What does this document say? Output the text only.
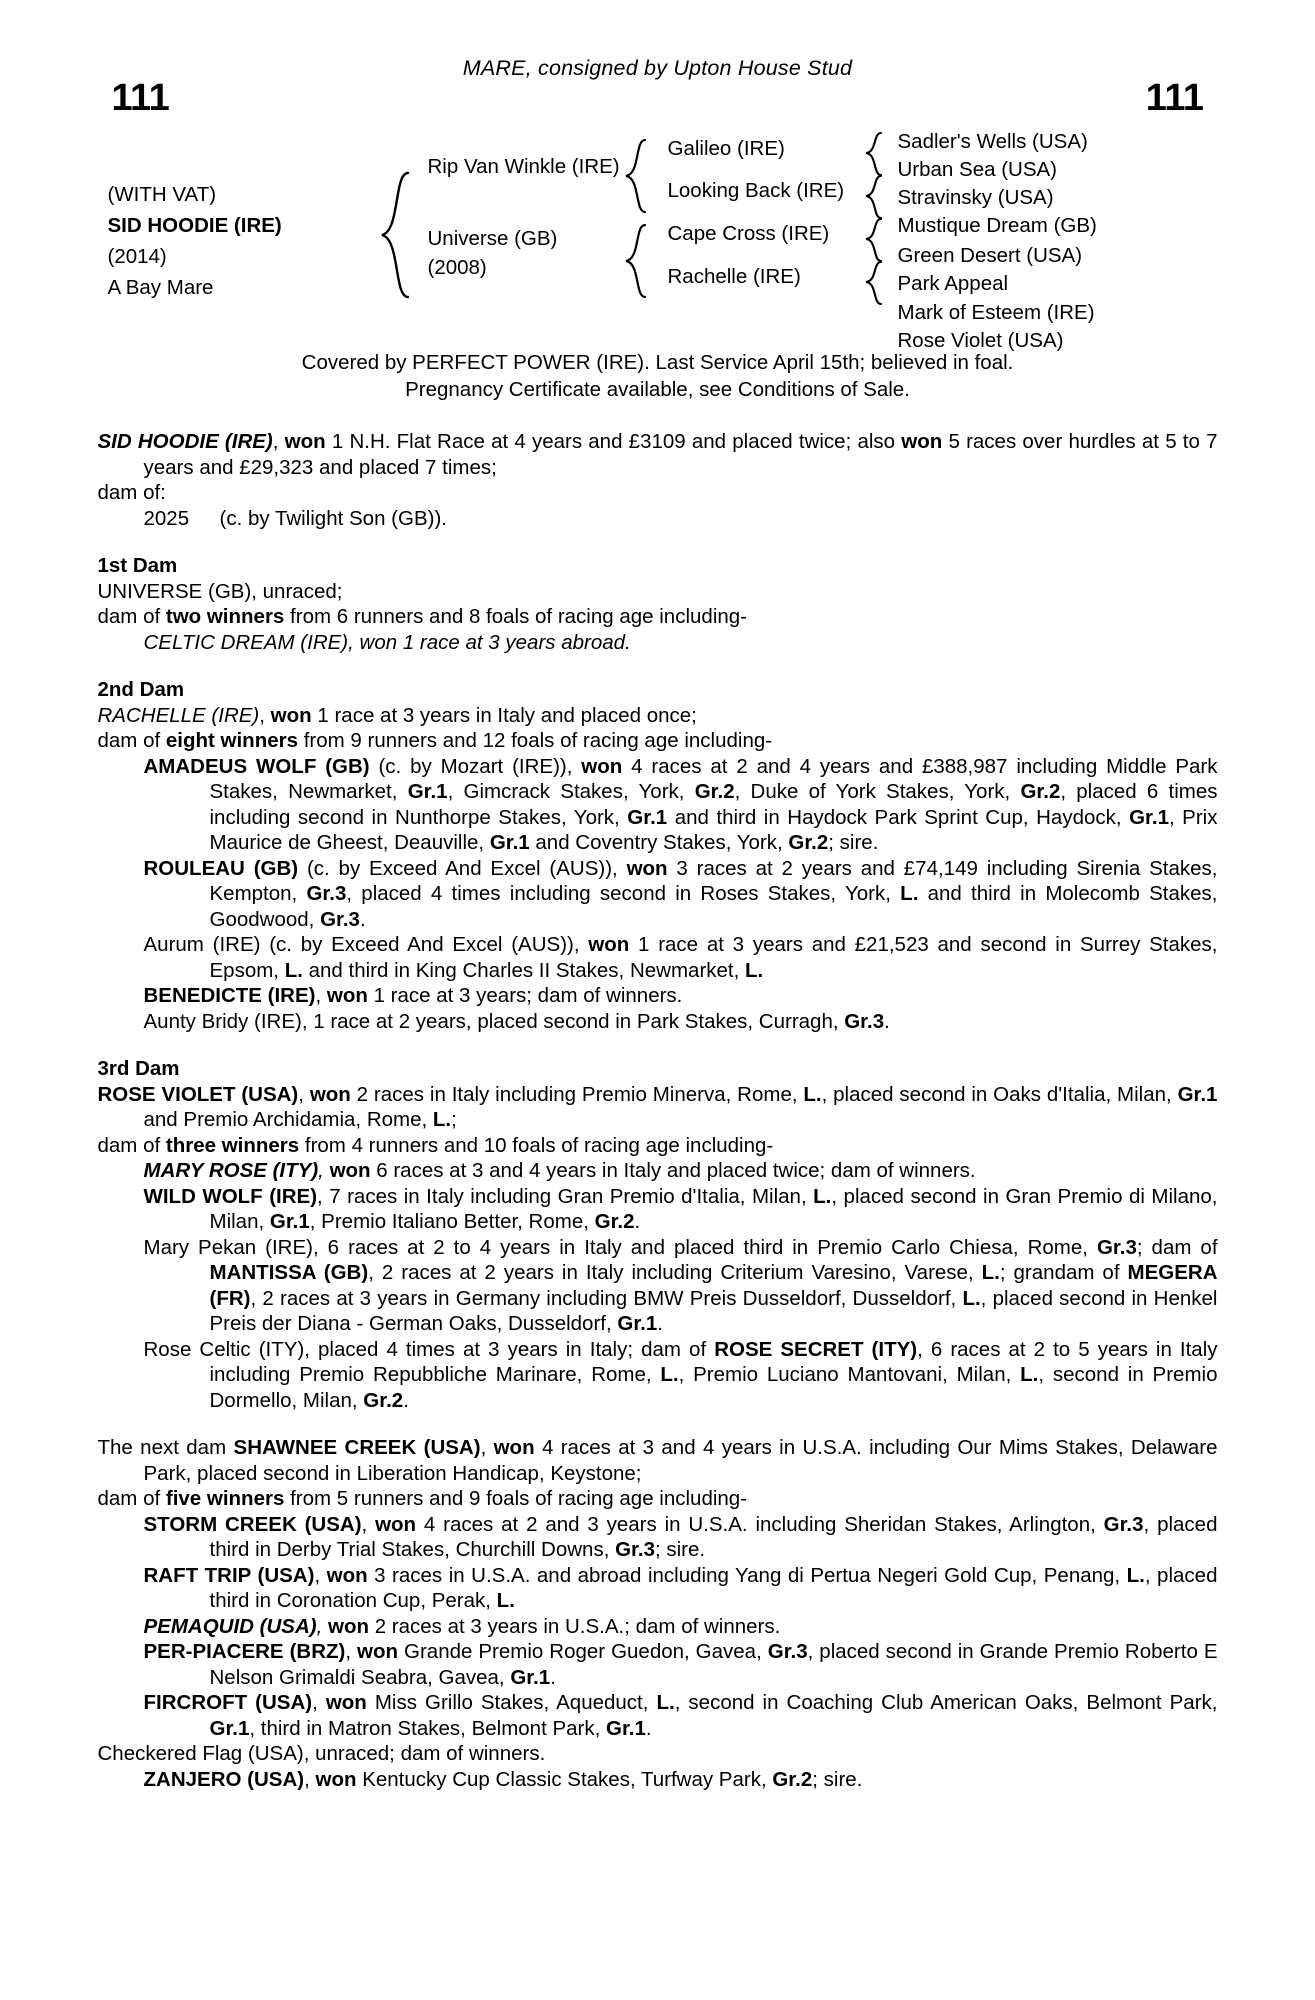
MARE, consigned by Upton House Stud
111	111
(WITH VAT)
SID HOODIE (IRE)
(2014)
A Bay Mare
Rip Van Winkle (IRE)
Universe (GB)
(2008)
Galileo (IRE)
Looking Back (IRE)
Cape Cross (IRE)
Rachelle (IRE)
Sadler's Wells (USA)
Urban Sea (USA)
Stravinsky (USA)
Mustique Dream (GB)
Green Desert (USA)
Park Appeal
Mark of Esteem (IRE)
Rose Violet (USA)
Covered by PERFECT POWER (IRE). Last Service April 15th; believed in foal.
Pregnancy Certificate available, see Conditions of Sale.
SID HOODIE (IRE), won 1 N.H. Flat Race at 4 years and £3109 and placed twice; also won 5 races over hurdles at 5 to 7 years and £29,323 and placed 7 times;
dam of:
2025 (c. by Twilight Son (GB)).
1st Dam
UNIVERSE (GB), unraced;
dam of two winners from 6 runners and 8 foals of racing age including-
CELTIC DREAM (IRE), won 1 race at 3 years abroad.
2nd Dam
RACHELLE (IRE), won 1 race at 3 years in Italy and placed once;
dam of eight winners from 9 runners and 12 foals of racing age including-
AMADEUS WOLF (GB) (c. by Mozart (IRE)), won 4 races at 2 and 4 years and £388,987 including Middle Park Stakes, Newmarket, Gr.1, Gimcrack Stakes, York, Gr.2, Duke of York Stakes, York, Gr.2, placed 6 times including second in Nunthorpe Stakes, York, Gr.1 and third in Haydock Park Sprint Cup, Haydock, Gr.1, Prix Maurice de Gheest, Deauville, Gr.1 and Coventry Stakes, York, Gr.2; sire.
ROULEAU (GB) (c. by Exceed And Excel (AUS)), won 3 races at 2 years and £74,149 including Sirenia Stakes, Kempton, Gr.3, placed 4 times including second in Roses Stakes, York, L. and third in Molecomb Stakes, Goodwood, Gr.3.
Aurum (IRE) (c. by Exceed And Excel (AUS)), won 1 race at 3 years and £21,523 and second in Surrey Stakes, Epsom, L. and third in King Charles II Stakes, Newmarket, L.
BENEDICTE (IRE), won 1 race at 3 years; dam of winners.
Aunty Bridy (IRE), 1 race at 2 years, placed second in Park Stakes, Curragh, Gr.3.
3rd Dam
ROSE VIOLET (USA), won 2 races in Italy including Premio Minerva, Rome, L., placed second in Oaks d'Italia, Milan, Gr.1 and Premio Archidamia, Rome, L.;
dam of three winners from 4 runners and 10 foals of racing age including-
MARY ROSE (ITY), won 6 races at 3 and 4 years in Italy and placed twice; dam of winners.
WILD WOLF (IRE), 7 races in Italy including Gran Premio d'Italia, Milan, L., placed second in Gran Premio di Milano, Milan, Gr.1, Premio Italiano Better, Rome, Gr.2.
Mary Pekan (IRE), 6 races at 2 to 4 years in Italy and placed third in Premio Carlo Chiesa, Rome, Gr.3; dam of MANTISSA (GB), 2 races at 2 years in Italy including Criterium Varesino, Varese, L.; grandam of MEGERA (FR), 2 races at 3 years in Germany including BMW Preis Dusseldorf, Dusseldorf, L., placed second in Henkel Preis der Diana - German Oaks, Dusseldorf, Gr.1.
Rose Celtic (ITY), placed 4 times at 3 years in Italy; dam of ROSE SECRET (ITY), 6 races at 2 to 5 years in Italy including Premio Repubbliche Marinare, Rome, L., Premio Luciano Mantovani, Milan, L., second in Premio Dormello, Milan, Gr.2.
The next dam SHAWNEE CREEK (USA), won 4 races at 3 and 4 years in U.S.A. including Our Mims Stakes, Delaware Park, placed second in Liberation Handicap, Keystone;
dam of five winners from 5 runners and 9 foals of racing age including-
STORM CREEK (USA), won 4 races at 2 and 3 years in U.S.A. including Sheridan Stakes, Arlington, Gr.3, placed third in Derby Trial Stakes, Churchill Downs, Gr.3; sire.
RAFT TRIP (USA), won 3 races in U.S.A. and abroad including Yang di Pertua Negeri Gold Cup, Penang, L., placed third in Coronation Cup, Perak, L.
PEMAQUID (USA), won 2 races at 3 years in U.S.A.; dam of winners.
PER-PIACERE (BRZ), won Grande Premio Roger Guedon, Gavea, Gr.3, placed second in Grande Premio Roberto E Nelson Grimaldi Seabra, Gavea, Gr.1.
FIRCROFT (USA), won Miss Grillo Stakes, Aqueduct, L., second in Coaching Club American Oaks, Belmont Park, Gr.1, third in Matron Stakes, Belmont Park, Gr.1.
Checkered Flag (USA), unraced; dam of winners.
ZANJERO (USA), won Kentucky Cup Classic Stakes, Turfway Park, Gr.2; sire.
